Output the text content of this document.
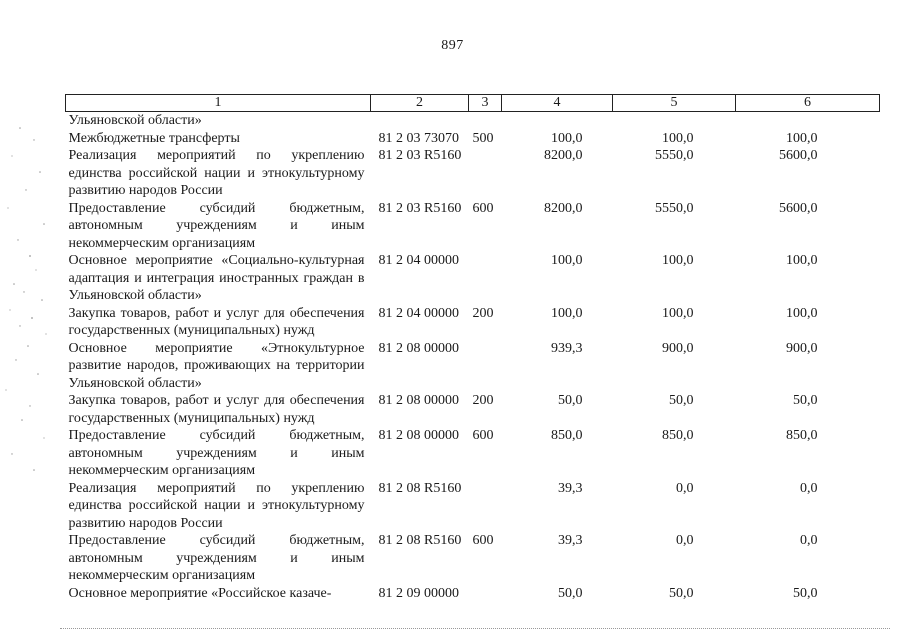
897
1	2	3	4	5	6
Ульяновской области»					
Межбюджетные трансферты	81 2 03 73070	500	100,0	100,0	100,0
Реализация мероприятий по укреплению единства российской нации и этнокультурному развитию народов России	81 2 03 R5160		8200,0	5550,0	5600,0
Предоставление субсидий бюджетным, автономным учреждениям и иным некоммерческим организациям	81 2 03 R5160	600	8200,0	5550,0	5600,0
Основное мероприятие «Социально-культурная адаптация и интеграция иностранных граждан в Ульяновской области»	81 2 04 00000		100,0	100,0	100,0
Закупка товаров, работ и услуг для обеспечения государственных (муниципальных) нужд	81 2 04 00000	200	100,0	100,0	100,0
Основное мероприятие «Этнокультурное развитие народов, проживающих на территории Ульяновской области»	81 2 08 00000		939,3	900,0	900,0
Закупка товаров, работ и услуг для обеспечения государственных (муниципальных) нужд	81 2 08 00000	200	50,0	50,0	50,0
Предоставление субсидий бюджетным, автономным учреждениям и иным некоммерческим организациям	81 2 08 00000	600	850,0	850,0	850,0
Реализация мероприятий по укреплению единства российской нации и этнокультурному развитию народов России	81 2 08 R5160		39,3	0,0	0,0
Предоставление субсидий бюджетным, автономным учреждениям и иным некоммерческим организациям	81 2 08 R5160	600	39,3	0,0	0,0
Основное мероприятие «Российское казаче-	81 2 09 00000		50,0	50,0	50,0
